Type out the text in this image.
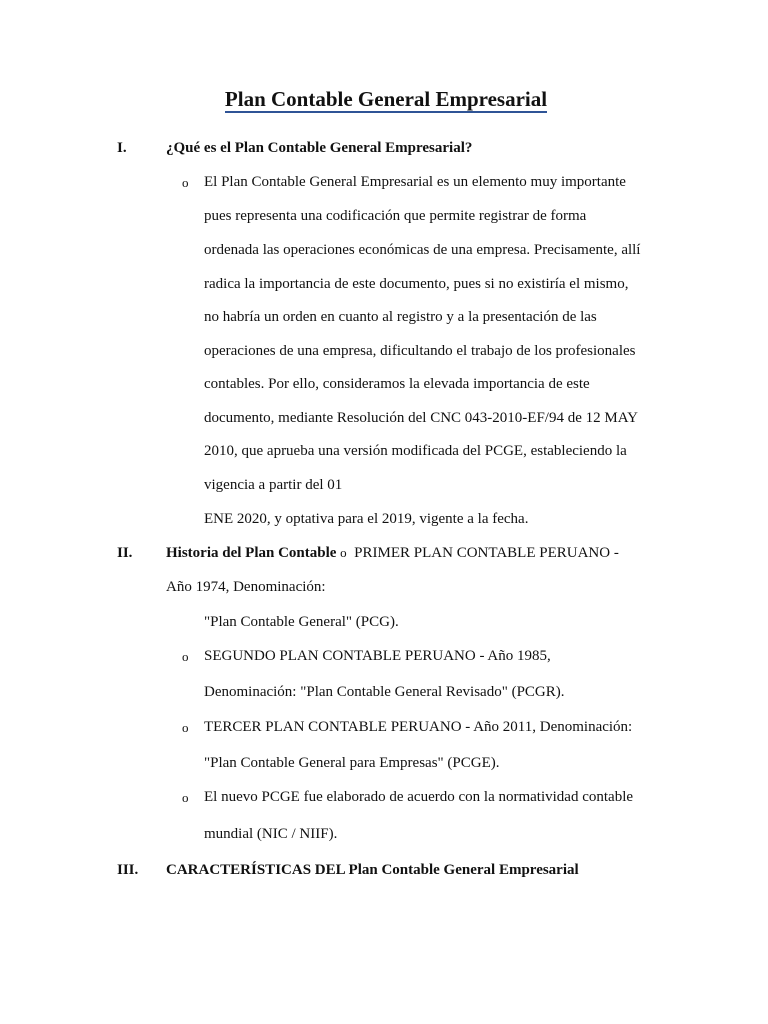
Plan Contable General Empresarial
I.	¿Qué es el Plan Contable General Empresarial?
o El Plan Contable General Empresarial es un elemento muy importante
pues representa una codificación que permite registrar de forma
ordenada las operaciones económicas de una empresa. Precisamente, allí
radica la importancia de este documento, pues si no existiría el mismo,
no habría un orden en cuanto al registro y a la presentación de las
operaciones de una empresa, dificultando el trabajo de los profesionales
contables. Por ello, consideramos la elevada importancia de este
documento, mediante Resolución del CNC 043-2010-EF/94 de 12 MAY
2010, que aprueba una versión modificada del PCGE, estableciendo la
vigencia a partir del 01
ENE 2020, y optativa para el 2019, vigente a la fecha.
II. Historia del Plan Contable o PRIMER PLAN CONTABLE PERUANO -
Año 1974, Denominación:
"Plan Contable General" (PCG).
o SEGUNDO PLAN CONTABLE PERUANO - Año 1985,
Denominación: "Plan Contable General Revisado" (PCGR).
o TERCER PLAN CONTABLE PERUANO - Año 2011, Denominación:
"Plan Contable General para Empresas" (PCGE).
o El nuevo PCGE fue elaborado de acuerdo con la normatividad contable
mundial (NIC / NIIF).
III. CARACTERÍSTICAS DEL Plan Contable General Empresarial
